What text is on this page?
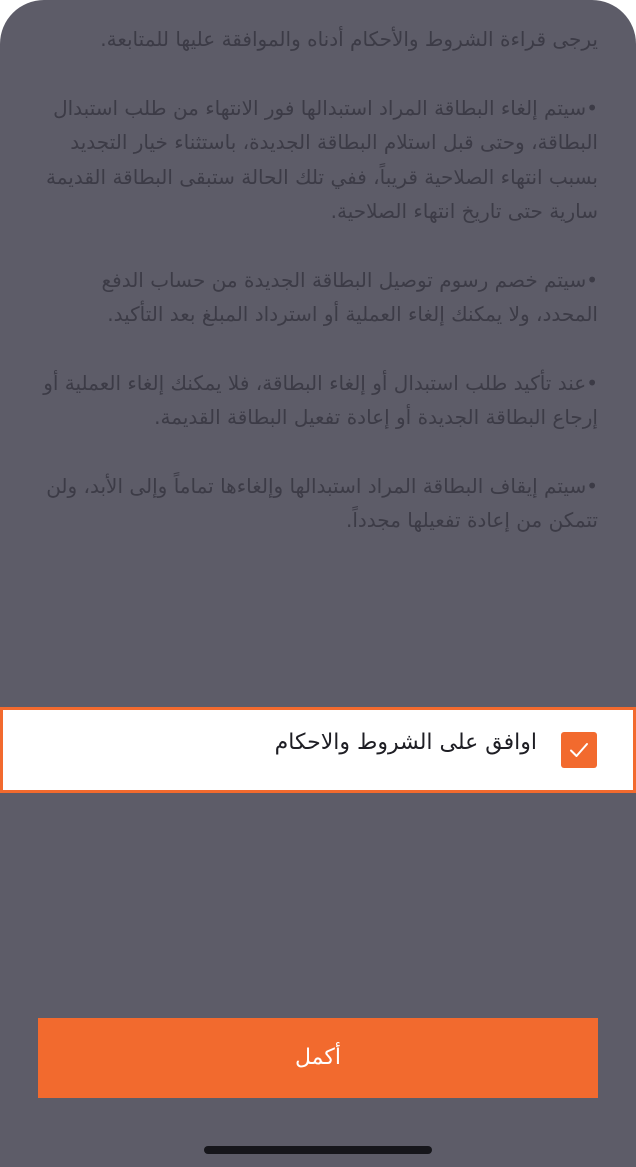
يرجى قراءة الشروط والأحكام أدناه والموافقة عليها للمتابعة.

•سيتم إلغاء البطاقة المراد استبدالها فور الانتهاء من طلب استبدال البطاقة، وحتى قبل استلام البطاقة الجديدة، باستثناء خيار التجديد بسبب انتهاء الصلاحية قريباً، ففي تلك الحالة ستبقى البطاقة القديمة سارية حتى تاريخ انتهاء الصلاحية.

•سيتم خصم رسوم توصيل البطاقة الجديدة من حساب الدفع المحدد، ولا يمكنك إلغاء العملية أو استرداد المبلغ بعد التأكيد.

•عند تأكيد طلب استبدال أو إلغاء البطاقة، فلا يمكنك إلغاء العملية أو إرجاع البطاقة الجديدة أو إعادة تفعيل البطاقة القديمة.

•سيتم إيقاف البطاقة المراد استبدالها وإلغاءها تماماً وإلى الأبد، ولن تتمكن من إعادة تفعيلها مجدداً.

اوافق على الشروط والاحكام
أكمل
